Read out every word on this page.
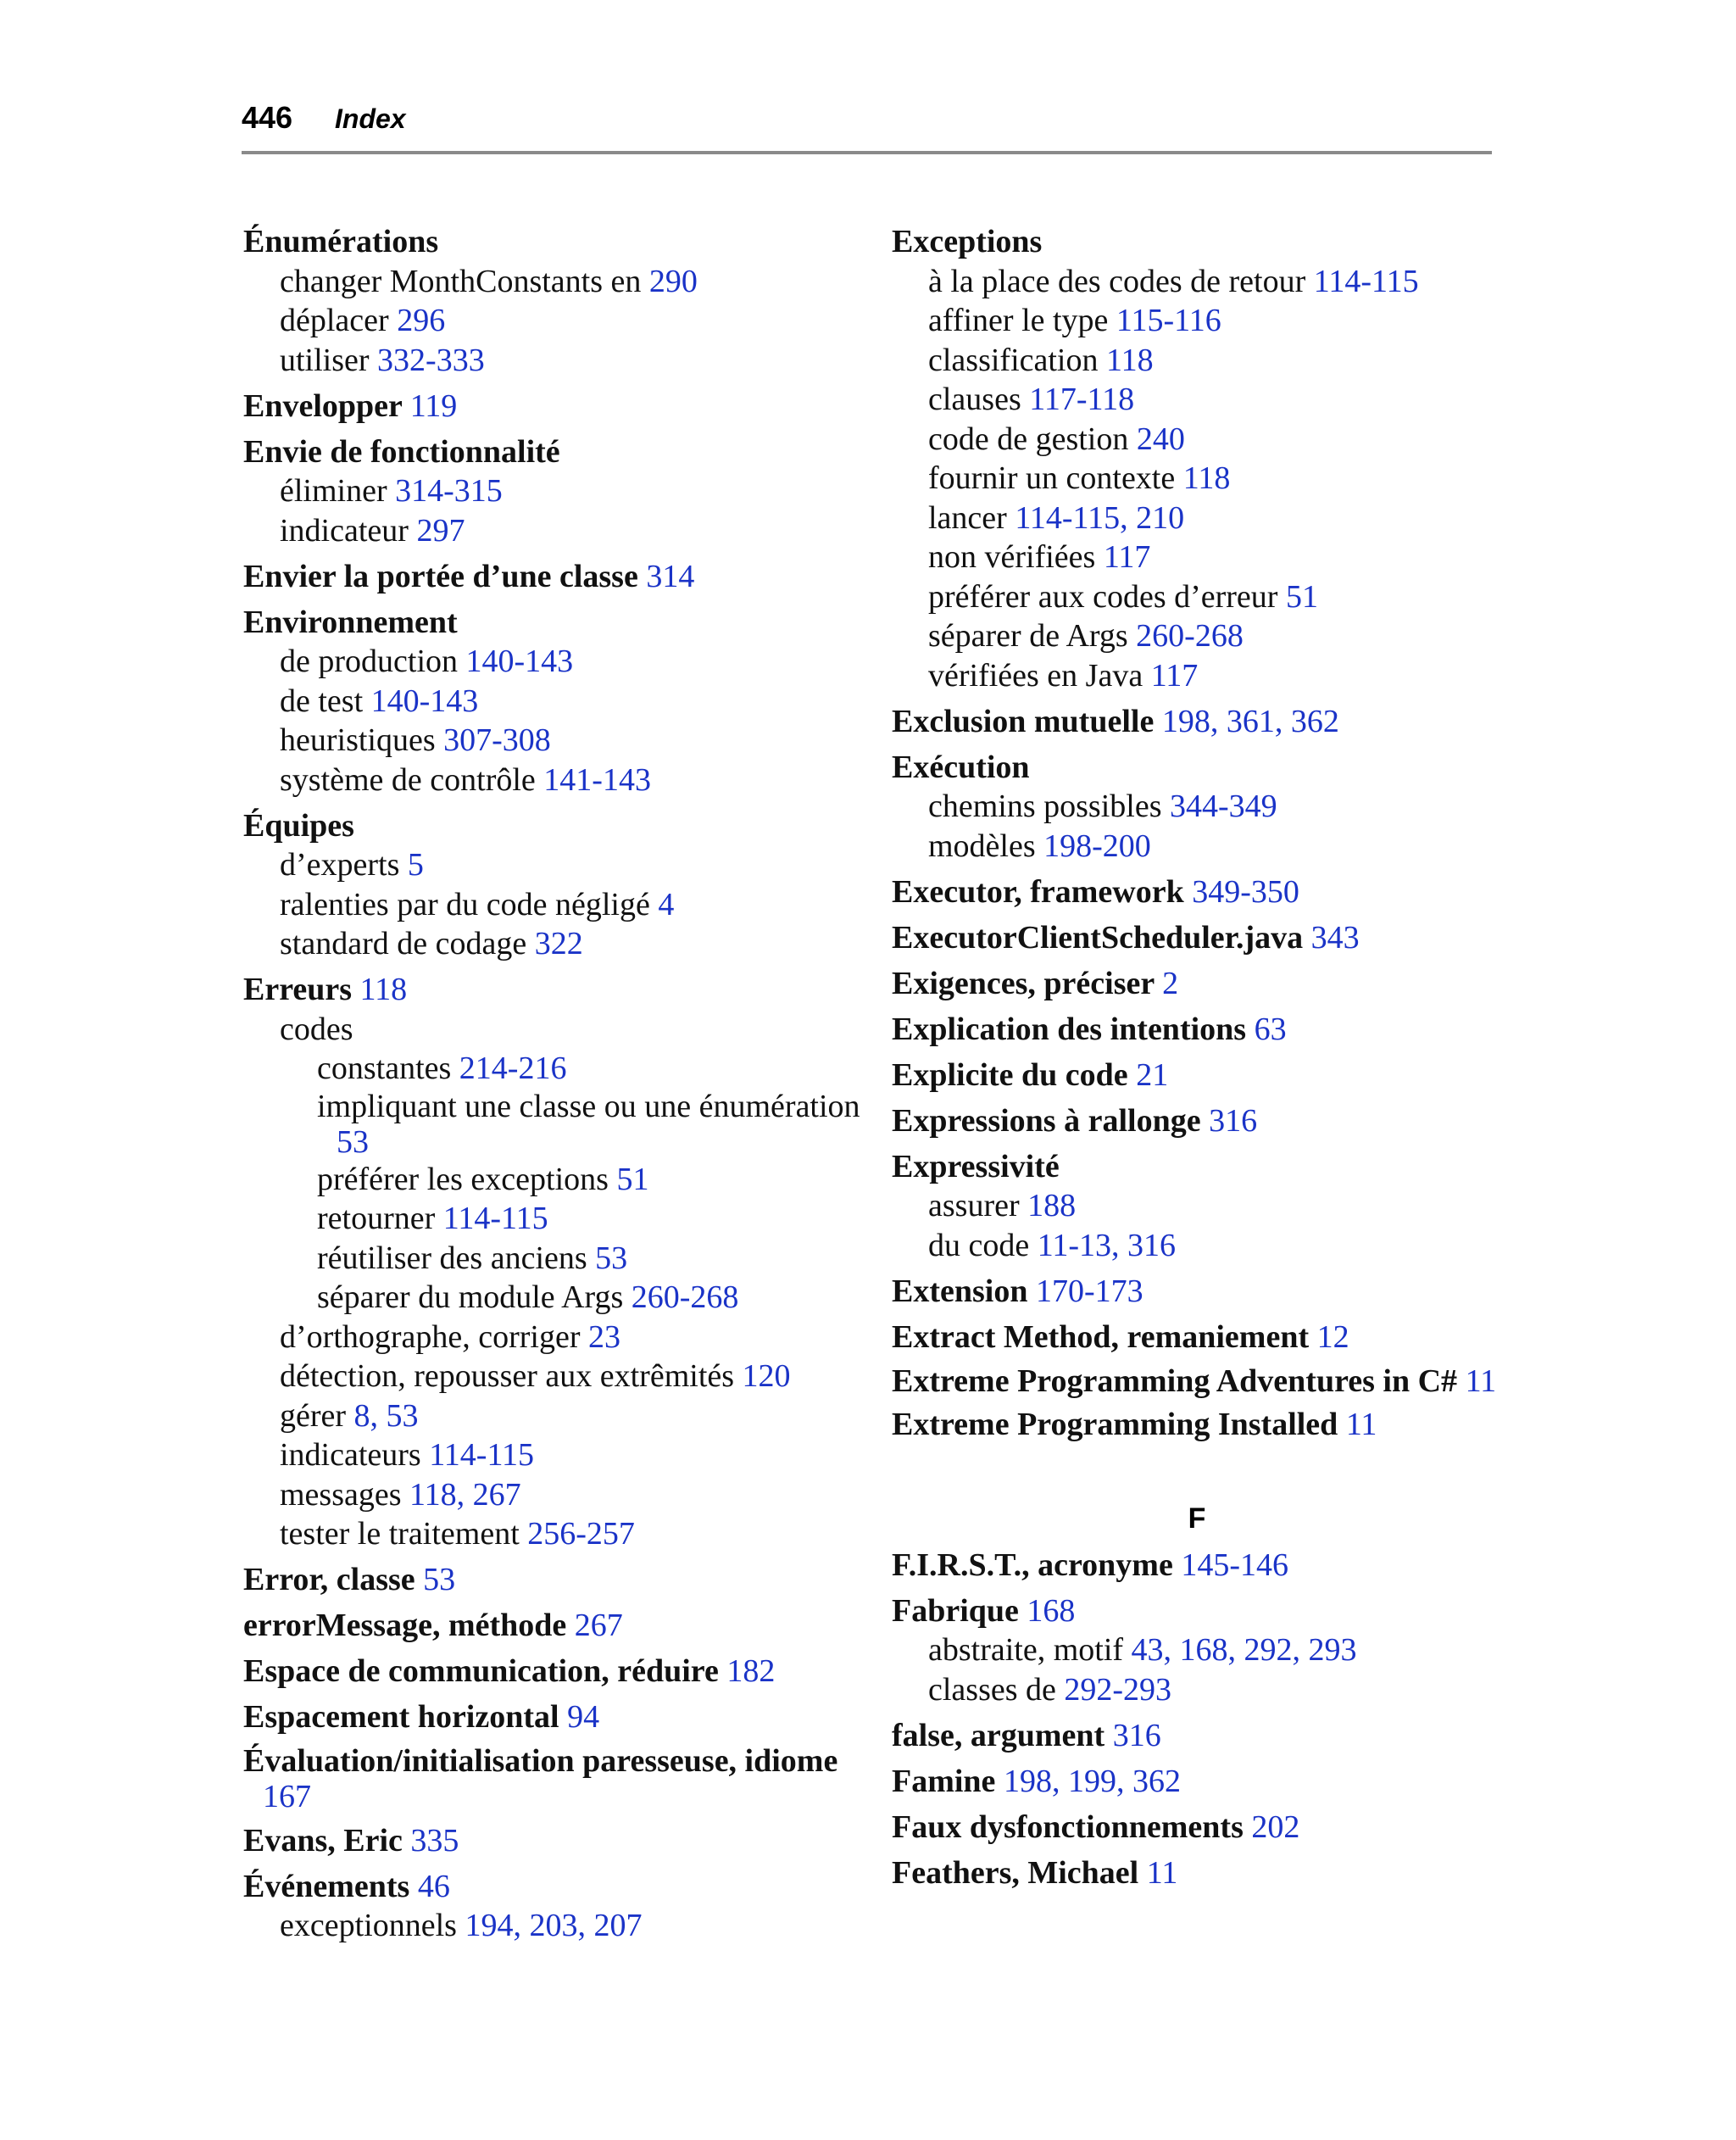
446 Index
Énumérations
changer MonthConstants en 290
déplacer 296
utiliser 332-333
Envelopper 119
Envie de fonctionnalité
éliminer 314-315
indicateur 297
Envier la portée d’une classe 314
Environnement
de production 140-143
de test 140-143
heuristiques 307-308
système de contrôle 141-143
Équipes
d’experts 5
ralenties par du code négligé 4
standard de codage 322
Erreurs 118
codes
constantes 214-216
impliquant une classe ou une énumération 53
préférer les exceptions 51
retourner 114-115
réutiliser des anciens 53
séparer du module Args 260-268
d’orthographe, corriger 23
détection, repousser aux extrêmités 120
gérer 8, 53
indicateurs 114-115
messages 118, 267
tester le traitement 256-257
Error, classe 53
errorMessage, méthode 267
Espace de communication, réduire 182
Espacement horizontal 94
Évaluation/initialisation paresseuse, idiome 167
Evans, Eric 335
Événements 46
exceptionnels 194, 203, 207
Exceptions
à la place des codes de retour 114-115
affiner le type 115-116
classification 118
clauses 117-118
code de gestion 240
fournir un contexte 118
lancer 114-115, 210
non vérifiées 117
préférer aux codes d’erreur 51
séparer de Args 260-268
vérifiées en Java 117
Exclusion mutuelle 198, 361, 362
Exécution
chemins possibles 344-349
modèles 198-200
Executor, framework 349-350
ExecutorClientScheduler.java 343
Exigences, préciser 2
Explication des intentions 63
Explicite du code 21
Expressions à rallonge 316
Expressivité
assurer 188
du code 11-13, 316
Extension 170-173
Extract Method, remaniement 12
Extreme Programming Adventures in C# 11
Extreme Programming Installed 11
F
F.I.R.S.T., acronyme 145-146
Fabrique 168
abstraite, motif 43, 168, 292, 293
classes de 292-293
false, argument 316
Famine 198, 199, 362
Faux dysfonctionnements 202
Feathers, Michael 11
